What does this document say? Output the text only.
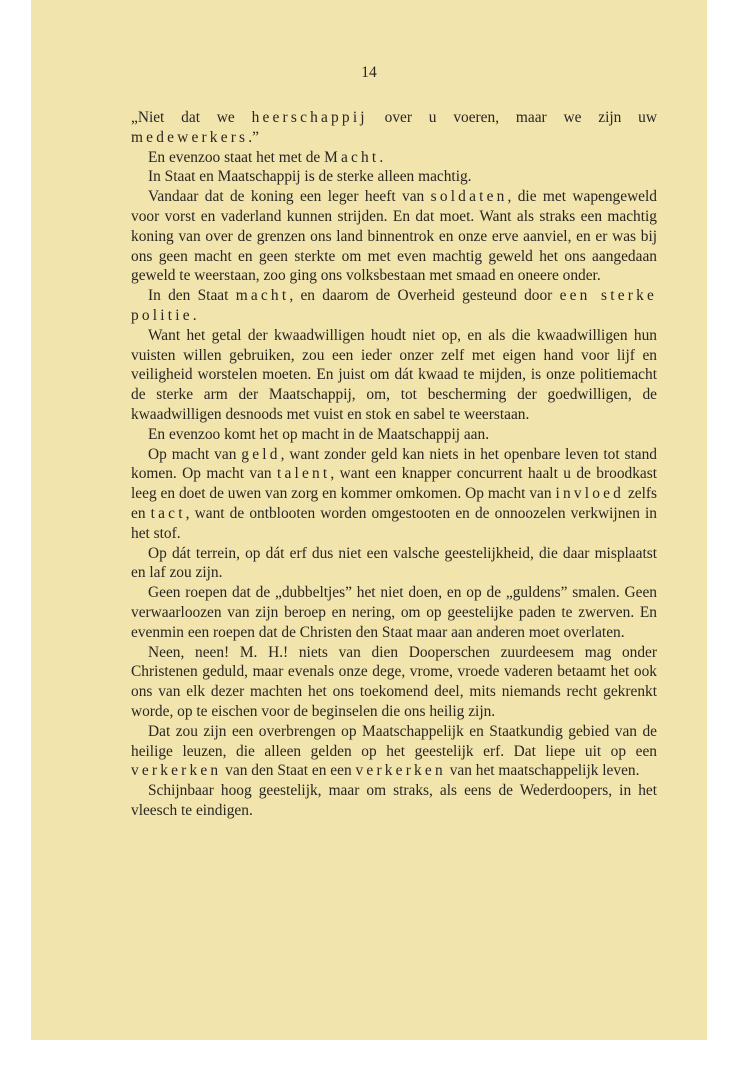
14

„Niet dat we heerschappij over u voeren, maar we zijn uw medewerkers.”

En evenzoo staat het met de Macht.

In Staat en Maatschappij is de sterke alleen machtig.

Vandaar dat de koning een leger heeft van soldaten, die met wapengeweld voor vorst en vaderland kunnen strijden. En dat moet. Want als straks een machtig koning van over de grenzen ons land binnentrok en onze erve aanviel, en er was bij ons geen macht en geen sterkte om met even machtig geweld het ons aangedaan geweld te weerstaan, zoo ging ons volksbestaan met smaad en oneere onder.

In den Staat macht, en daarom de Overheid gesteund door een sterke politie.

Want het getal der kwaadwilligen houdt niet op, en als die kwaadwilligen hun vuisten willen gebruiken, zou een ieder onzer zelf met eigen hand voor lijf en veiligheid worstelen moeten. En juist om dát kwaad te mijden, is onze politiemacht de sterke arm der Maatschappij, om, tot bescherming der goedwilligen, de kwaadwilligen desnoods met vuist en stok en sabel te weerstaan.

En evenzoo komt het op macht in de Maatschappij aan.

Op macht van geld, want zonder geld kan niets in het openbare leven tot stand komen. Op macht van talent, want een knapper concurrent haalt u de broodkast leeg en doet de uwen van zorg en kommer omkomen. Op macht van invloed zelfs en tact, want de ontblooten worden omgestooten en de onnoozelen verkwijnen in het stof.

Op dát terrein, op dát erf dus niet een valsche geestelijkheid, die daar misplaatst en laf zou zijn.

Geen roepen dat de „dubbeltjes” het niet doen, en op de „guldens” smalen. Geen verwaarloozen van zijn beroep en nering, om op geestelijke paden te zwerven. En evenmin een roepen dat de Christen den Staat maar aan anderen moet overlaten.

Neen, neen! M. H.! niets van dien Dooperschen zuurdeesem mag onder Christenen geduld, maar evenals onze dege, vrome, vroede vaderen betaamt het ook ons van elk dezer machten het ons toekomend deel, mits niemands recht gekrenkt worde, op te eischen voor de beginselen die ons heilig zijn.

Dat zou zijn een overbrengen op Maatschappelijk en Staatkundig gebied van de heilige leuzen, die alleen gelden op het geestelijk erf. Dat liepe uit op een verkerken van den Staat en een verkerken van het maatschappelijk leven.

Schijnbaar hoog geestelijk, maar om straks, als eens de Wederdoopers, in het vleesch te eindigen.
